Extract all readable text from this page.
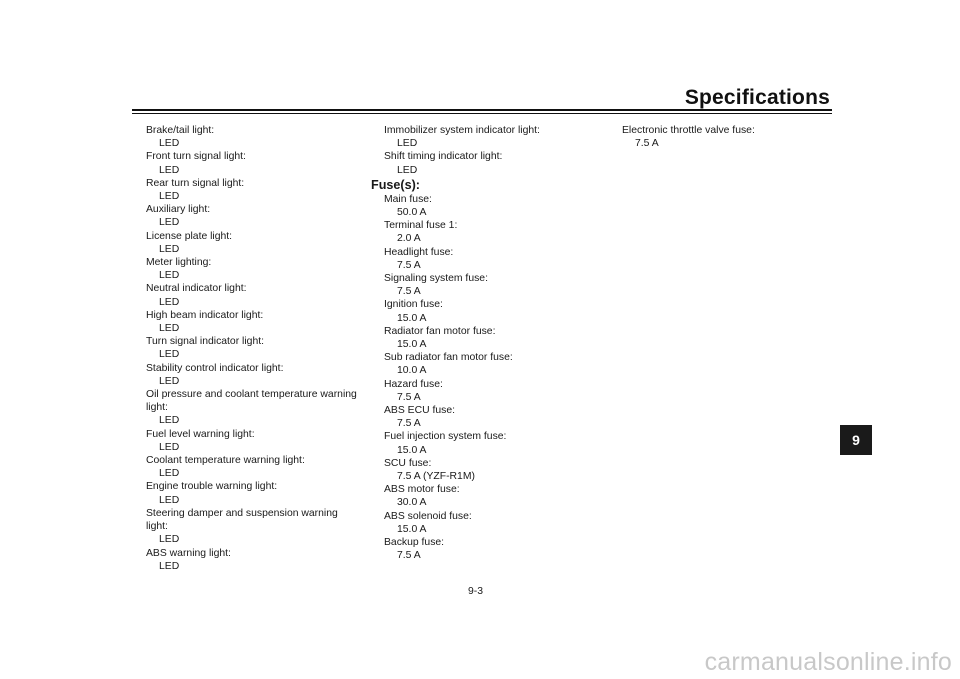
Specifications
Brake/tail light:
LED
Front turn signal light:
LED
Rear turn signal light:
LED
Auxiliary light:
LED
License plate light:
LED
Meter lighting:
LED
Neutral indicator light:
LED
High beam indicator light:
LED
Turn signal indicator light:
LED
Stability control indicator light:
LED
Oil pressure and coolant temperature warning light:
LED
Fuel level warning light:
LED
Coolant temperature warning light:
LED
Engine trouble warning light:
LED
Steering damper and suspension warning light:
LED
ABS warning light:
LED
Immobilizer system indicator light:
LED
Shift timing indicator light:
LED
Fuse(s):
Main fuse:
50.0 A
Terminal fuse 1:
2.0 A
Headlight fuse:
7.5 A
Signaling system fuse:
7.5 A
Ignition fuse:
15.0 A
Radiator fan motor fuse:
15.0 A
Sub radiator fan motor fuse:
10.0 A
Hazard fuse:
7.5 A
ABS ECU fuse:
7.5 A
Fuel injection system fuse:
15.0 A
SCU fuse:
7.5 A (YZF-R1M)
ABS motor fuse:
30.0 A
ABS solenoid fuse:
15.0 A
Backup fuse:
7.5 A
Electronic throttle valve fuse:
7.5 A
9
9-3
carmanualsonline.info
